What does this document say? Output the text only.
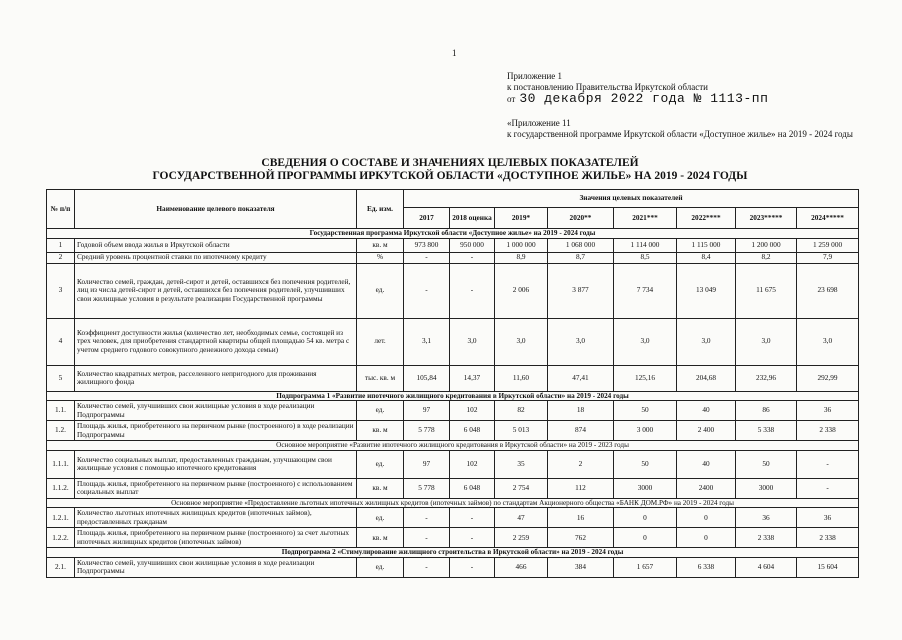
1
Приложение 1
к постановлению Правительства Иркутской области
от 30 декабря 2022 года № 1113-пп
«Приложение 11
к государственной программе Иркутской области «Доступное жилье» на 2019 - 2024 годы
СВЕДЕНИЯ О СОСТАВЕ И ЗНАЧЕНИЯХ ЦЕЛЕВЫХ ПОКАЗАТЕЛЕЙ
ГОСУДАРСТВЕННОЙ ПРОГРАММЫ ИРКУТСКОЙ ОБЛАСТИ «ДОСТУПНОЕ ЖИЛЬЕ» НА 2019 - 2024 ГОДЫ
№ п/п	Наименование целевого показателя	Ед. изм.	Значения целевых показателей							
			2017	2018 оценка	2019*	2020**	2021***	2022****	2023*****	2024*****
Государственная программа Иркутской области «Доступное жилье» на 2019 - 2024 годы										
1	Годовой объем ввода жилья в Иркутской области	кв. м	973 800	950 000	1 000 000	1 068 000	1 114 000	1 115 000	1 200 000	1 259 000
2	Средний уровень процентной ставки по ипотечному кредиту	%	-	-	8,9	8,7	8,5	8,4	8,2	7,9
3	Количество семей, граждан, детей-сирот и детей, оставшихся без попечения родителей, лиц из числа детей-сирот и детей, оставшихся без попечения родителей, улучшивших свои жилищные условия в результате реализации Государственной программы	ед.	-	-	2 006	3 877	7 734	13 049	11 675	23 698
4	Коэффициент доступности жилья (количество лет, необходимых семье, состоящей из трех человек, для приобретения стандартной квартиры общей площадью 54 кв. метра с учетом среднего годового совокупного денежного дохода семьи)	лет.	3,1	3,0	3,0	3,0	3,0	3,0	3,0	3,0
5	Количество квадратных метров, расселенного непригодного для проживания жилищного фонда	тыс. кв. м	105,84	14,37	11,60	47,41	125,16	204,68	232,96	292,99
Подпрограмма 1 «Развитие ипотечного жилищного кредитования в Иркутской области» на 2019 - 2024 годы										
1.1.	Количество семей, улучшивших свои жилищные условия в ходе реализации Подпрограммы	ед.	97	102	82	18	50	40	86	36
1.2.	Площадь жилья, приобретенного на первичном рынке (построенного) в ходе реализации Подпрограммы	кв. м	5 778	6 048	5 013	874	3 000	2 400	5 338	2 338
Основное мероприятие «Развитие ипотечного жилищного кредитования в Иркутской области» на 2019 - 2023 годы										
1.1.1.	Количество социальных выплат, предоставленных гражданам, улучшающим свои жилищные условия с помощью ипотечного кредитования	ед.	97	102	35	2	50	40	50	-
1.1.2.	Площадь жилья, приобретенного на первичном рынке (построенного) с использованием социальных выплат	кв. м	5 778	6 048	2 754	112	3000	2400	3000	-
Основное мероприятие «Предоставление льготных ипотечных жилищных кредитов (ипотечных займов) по стандартам Акционерного общества «БАНК ДОМ.РФ» на 2019 - 2024 годы										
1.2.1.	Количество льготных ипотечных жилищных кредитов (ипотечных займов), предоставленных гражданам	ед.	-	-	47	16	0	0	36	36
1.2.2.	Площадь жилья, приобретенного на первичном рынке (построенного) за счет льготных ипотечных жилищных кредитов (ипотечных займов)	кв. м	-	-	2 259	762	0	0	2 338	2 338
Подпрограмма 2 «Стимулирование жилищного строительства в Иркутской области» на 2019 - 2024 годы										
2.1.	Количество семей, улучшивших свои жилищные условия в ходе реализации Подпрограммы	ед.	-	-	466	384	1 657	6 338	4 604	15 604
